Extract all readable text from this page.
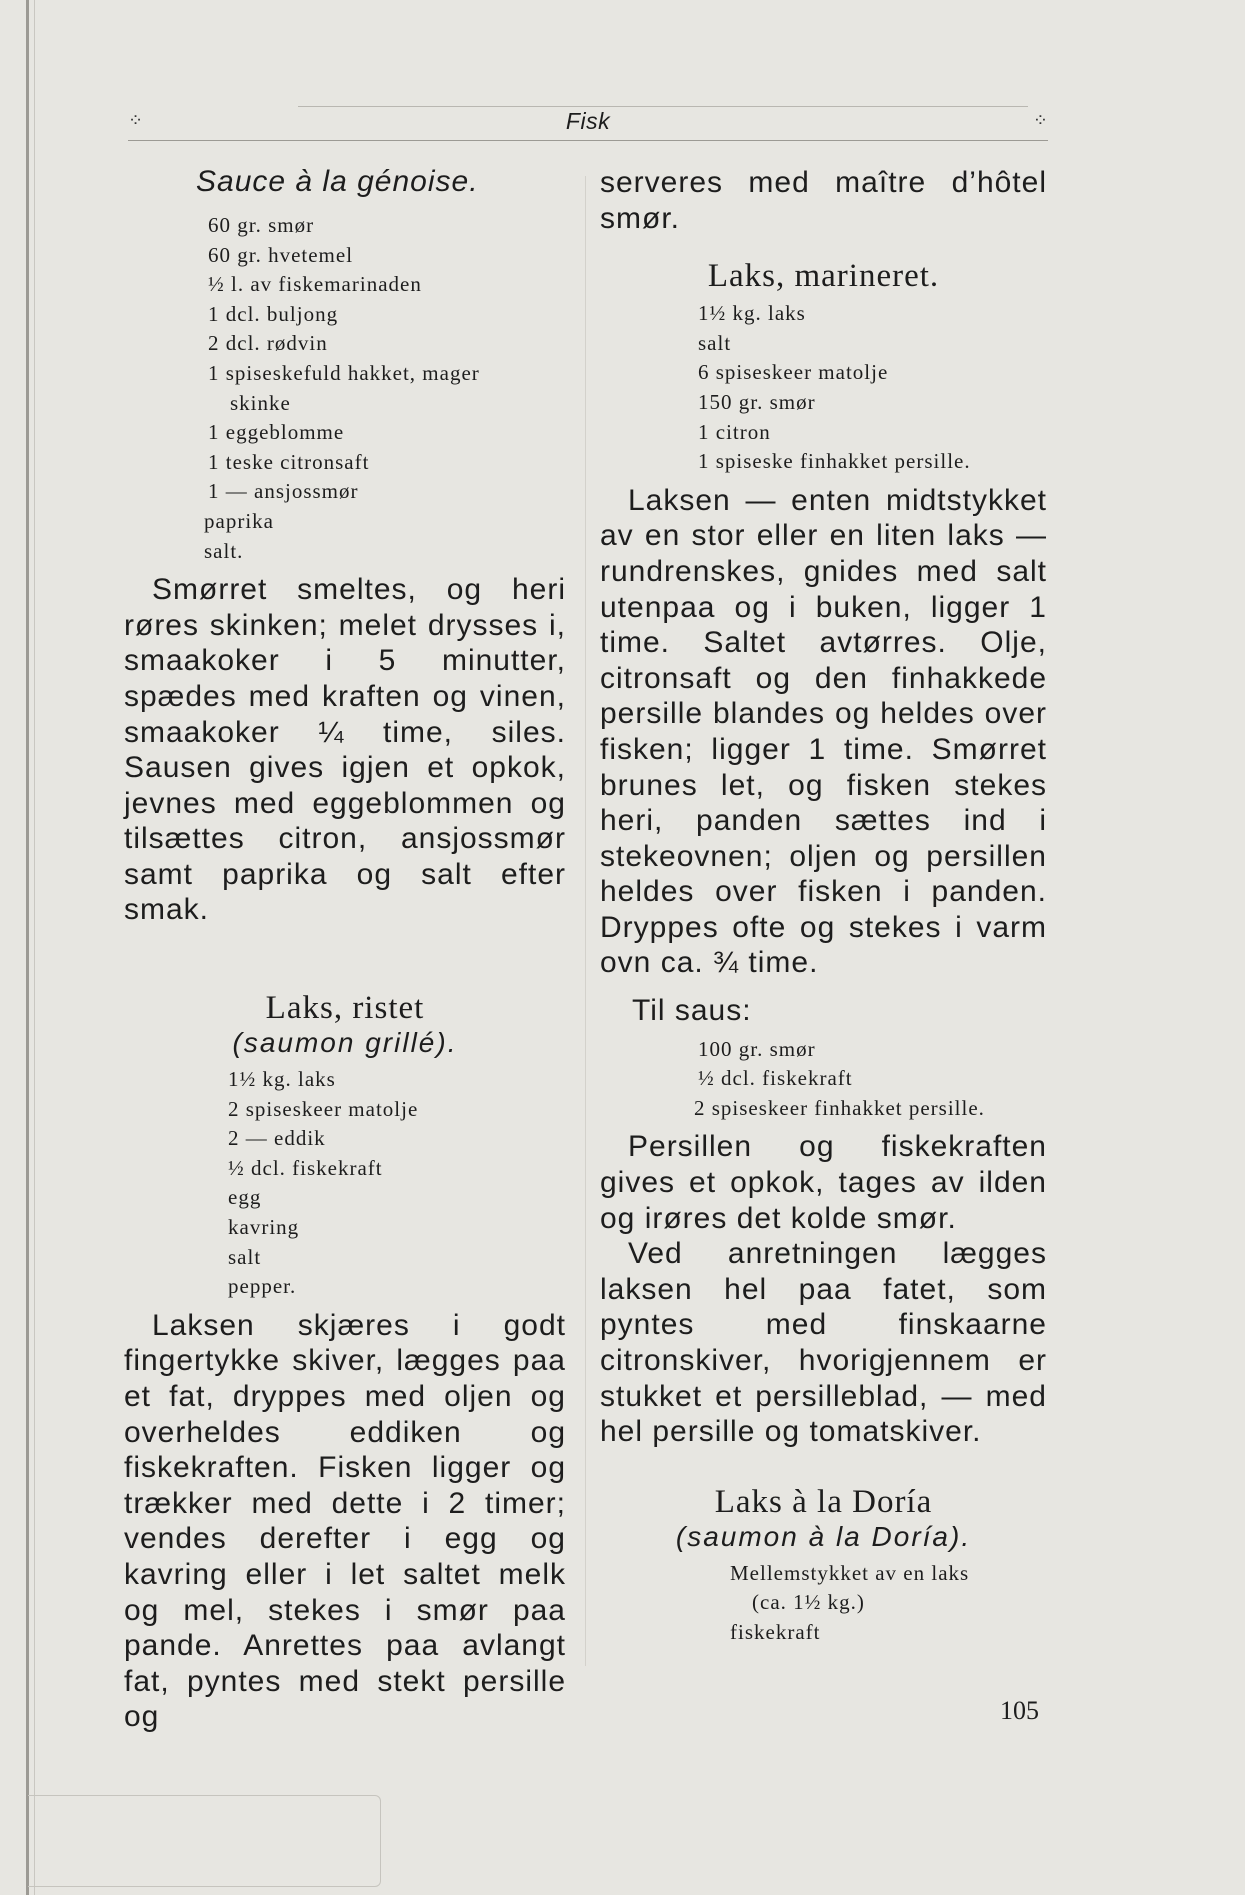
⁘	Fisk	⁘
Sauce à la génoise.
60 gr. smør
60 gr. hvetemel
½ l. av fiskemarinaden
1 dcl. buljong
2 dcl. rødvin
1 spiseskefuld hakket, mager
skinke
1 eggeblomme
1 teske citronsaft
1 — ansjossmør
paprika
salt.

Smørret smeltes, og heri røres skinken; melet drysses i, smaakoker i 5 minutter, spædes med kraften og vinen, smaakoker ¼ time, siles. Sausen gives igjen et opkok, jevnes med eggeblommen og tilsættes citron, ansjossmør samt paprika og salt efter smak.

Laks, ristet
(saumon grillé).
1½ kg. laks
2 spiseskeer matolje
2 — eddik
½ dcl. fiskekraft
egg
kavring
salt
pepper.

Laksen skjæres i godt fingertykke skiver, lægges paa et fat, dryppes med oljen og overheldes eddiken og fiskekraften. Fisken ligger og trækker med dette i 2 timer; vendes derefter i egg og kavring eller i let saltet melk og mel, stekes i smør paa pande. Anrettes paa avlangt fat, pyntes med stekt persille og

serveres med maître d’hôtel smør.

Laks, marineret.
1½ kg. laks
salt
6 spiseskeer matolje
150 gr. smør
1 citron
1 spiseske finhakket persille.

Laksen — enten midtstykket av en stor eller en liten laks — rundrenskes, gnides med salt utenpaa og i buken, ligger 1 time. Saltet avtørres. Olje, citronsaft og den finhakkede persille blandes og heldes over fisken; ligger 1 time. Smørret brunes let, og fisken stekes heri, panden sættes ind i stekeovnen; oljen og persillen heldes over fisken i panden. Dryppes ofte og stekes i varm ovn ca. ¾ time.

Til saus:
100 gr. smør
½ dcl. fiskekraft
2 spiseskeer finhakket persille.

Persillen og fiskekraften gives et opkok, tages av ilden og irøres det kolde smør.

Ved anretningen lægges laksen hel paa fatet, som pyntes med finskaarne citronskiver, hvorigjennem er stukket et persilleblad, — med hel persille og tomatskiver.

Laks à la Doría
(saumon à la Doría).
Mellemstykket av en laks
(ca. 1½ kg.)
fiskekraft
105
